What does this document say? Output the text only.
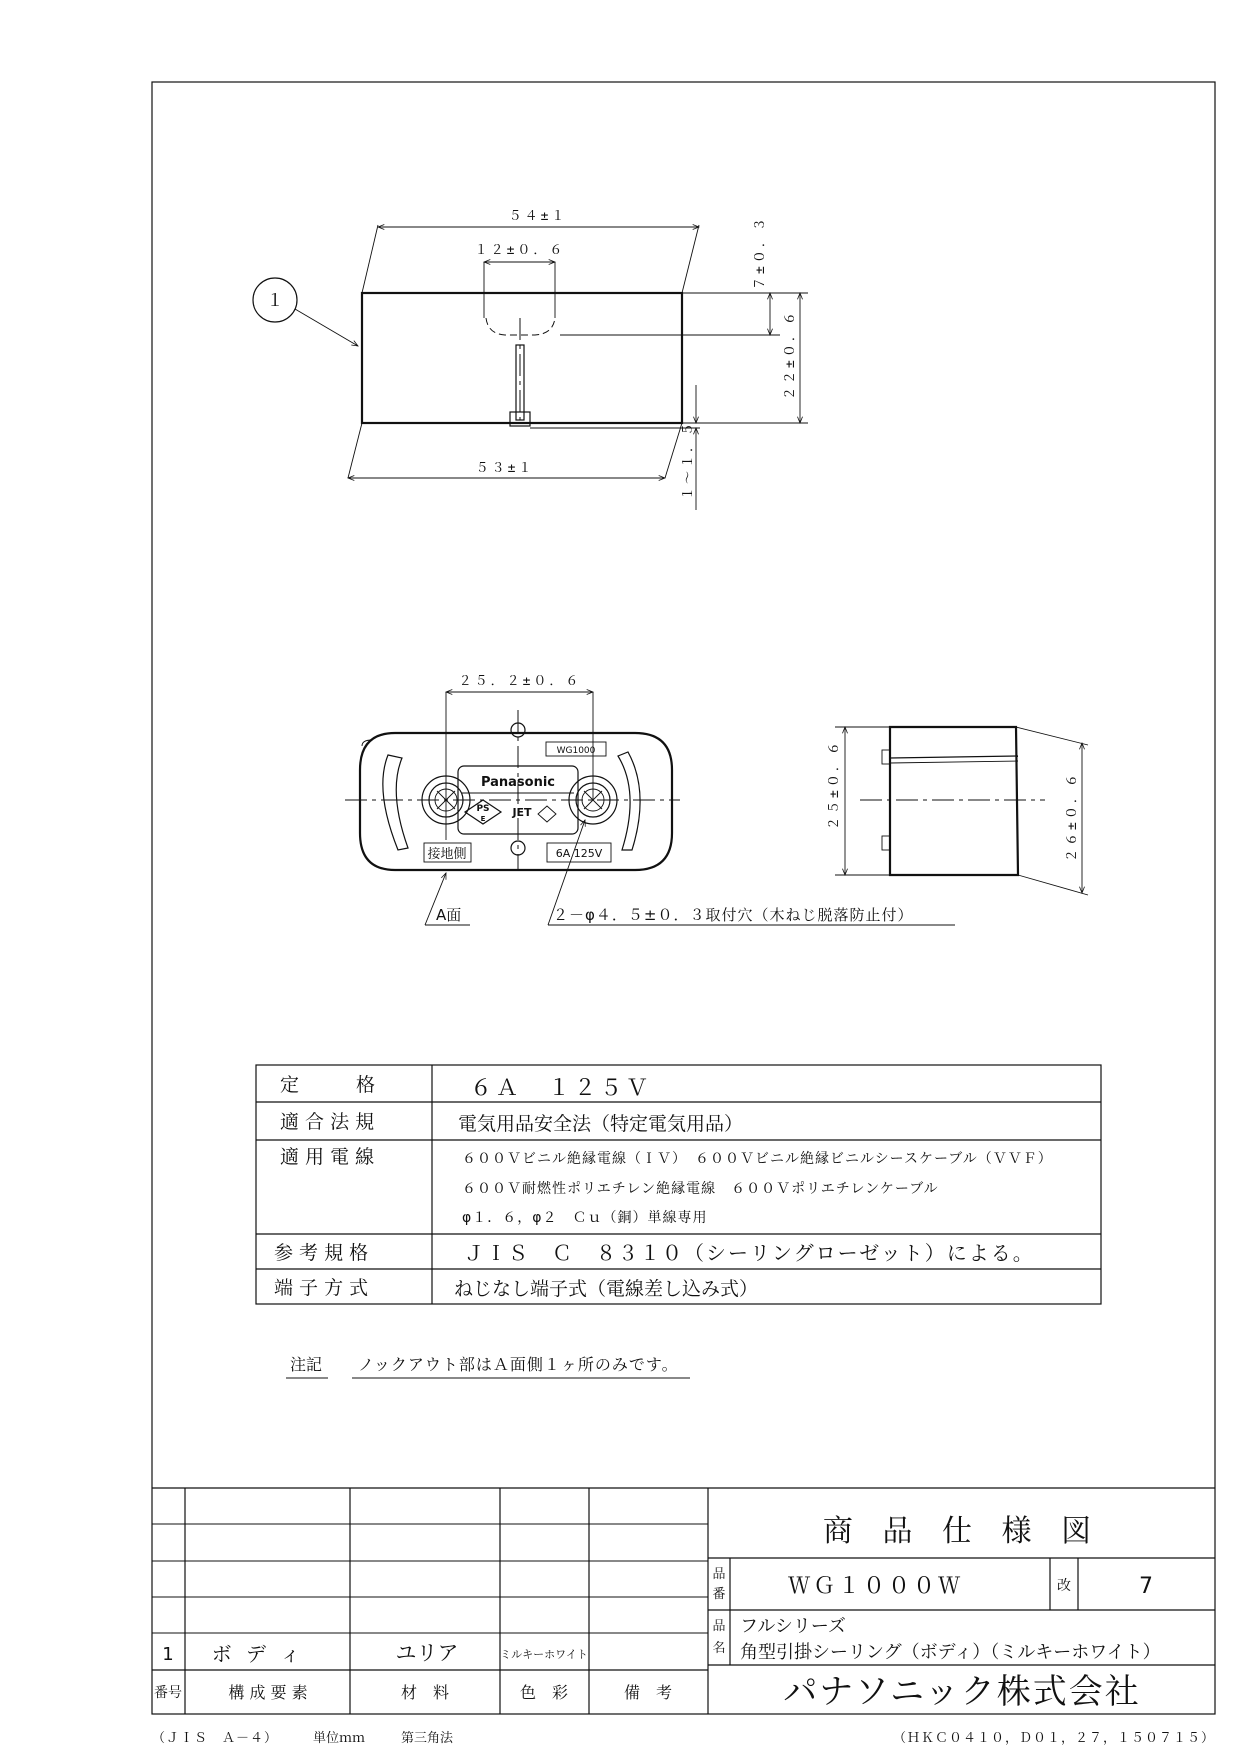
５４±１
１２±０．６
７±０．３
２２±０．６
１～１．５
５３±１
１
２５．２±０．６
WG1000
Panasonic
PS
E JET
接地側	6A 125V
A面	２－φ４．５±０．３取付穴（木ねじ脱落防止付）
２５±０．６
２６±０．６
定　　　格	６Ａ　１２５Ｖ
適 合 法 規	電気用品安全法（特定電気用品）
適 用 電 線	６００Ｖビニル絶縁電線（ＩＶ）　６００Ｖビニル絶縁ビニルシースケーブル（ＶＶＦ）
６００Ｖ耐燃性ポリエチレン絶縁電線　６００Ｖポリエチレンケーブル
φ１．６，φ２　Ｃｕ（銅）単線専用
参 考 規 格	ＪＩＳ　Ｃ　８３１０（シーリングローゼット）による。
端 子 方 式	ねじなし端子式（電線差し込み式）
注記 ノックアウト部はＡ面側１ヶ所のみです。
1 ボ デ ィ	ユリア	ミルキーホワイト
番号	構 成 要 素	材　料	色　彩	備　考
商 品 仕 様 図
品
番	ＷＧ１０００Ｗ	改	7
品
名
フルシリーズ
角型引掛シーリング（ボディ）（ミルキーホワイト）
パナソニック株式会社
（ＪＩＳ　Ａ－４）	単位ｍｍ	第三角法	（ＨＫＣ０４１０，Ｄ０１，２７，１５０７１５）
